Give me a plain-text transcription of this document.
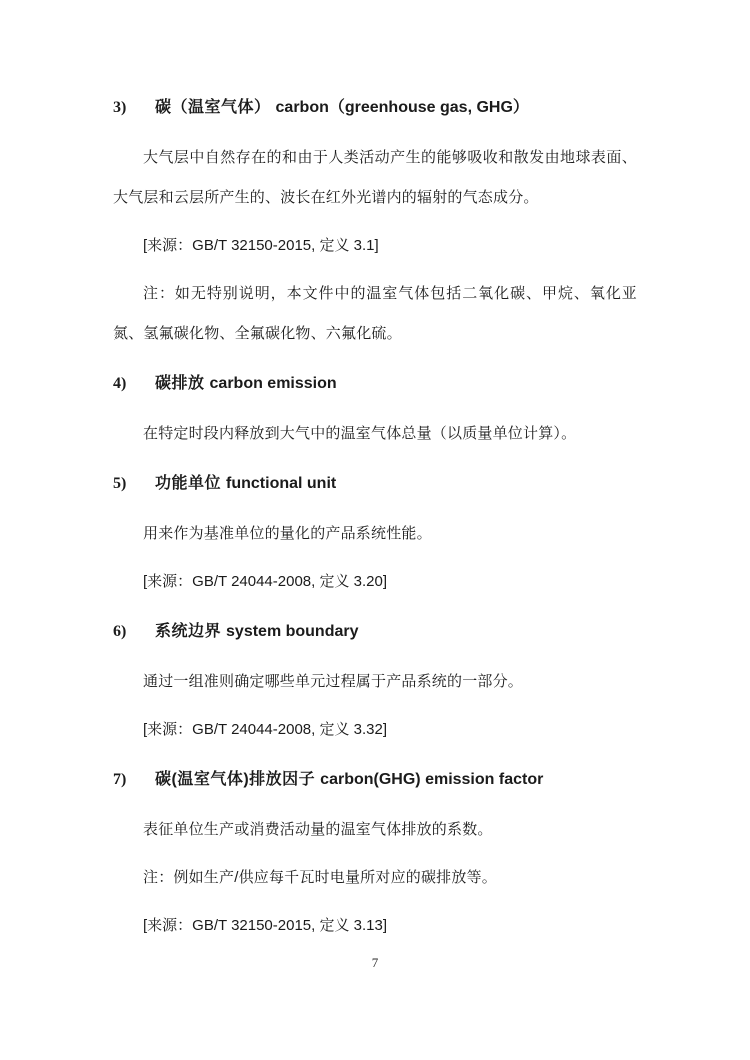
3) 碳（温室气体） carbon（greenhouse gas, GHG）

大气层中自然存在的和由于人类活动产生的能够吸收和散发由地球表面、大气层和云层所产生的、波长在红外光谱内的辐射的气态成分。

[来源：GB/T 32150-2015, 定义 3.1]

注：如无特别说明，本文件中的温室气体包括二氧化碳、甲烷、氧化亚氮、氢氟碳化物、全氟碳化物、六氟化硫。

4) 碳排放 carbon emission

在特定时段内释放到大气中的温室气体总量（以质量单位计算）。

5) 功能单位 functional unit

用来作为基准单位的量化的产品系统性能。

[来源：GB/T 24044-2008, 定义 3.20]

6) 系统边界 system boundary

通过一组准则确定哪些单元过程属于产品系统的一部分。

[来源：GB/T 24044-2008, 定义 3.32]

7) 碳(温室气体)排放因子 carbon(GHG) emission factor

表征单位生产或消费活动量的温室气体排放的系数。

注：例如生产/供应每千瓦时电量所对应的碳排放等。

[来源：GB/T 32150-2015, 定义 3.13]

7
